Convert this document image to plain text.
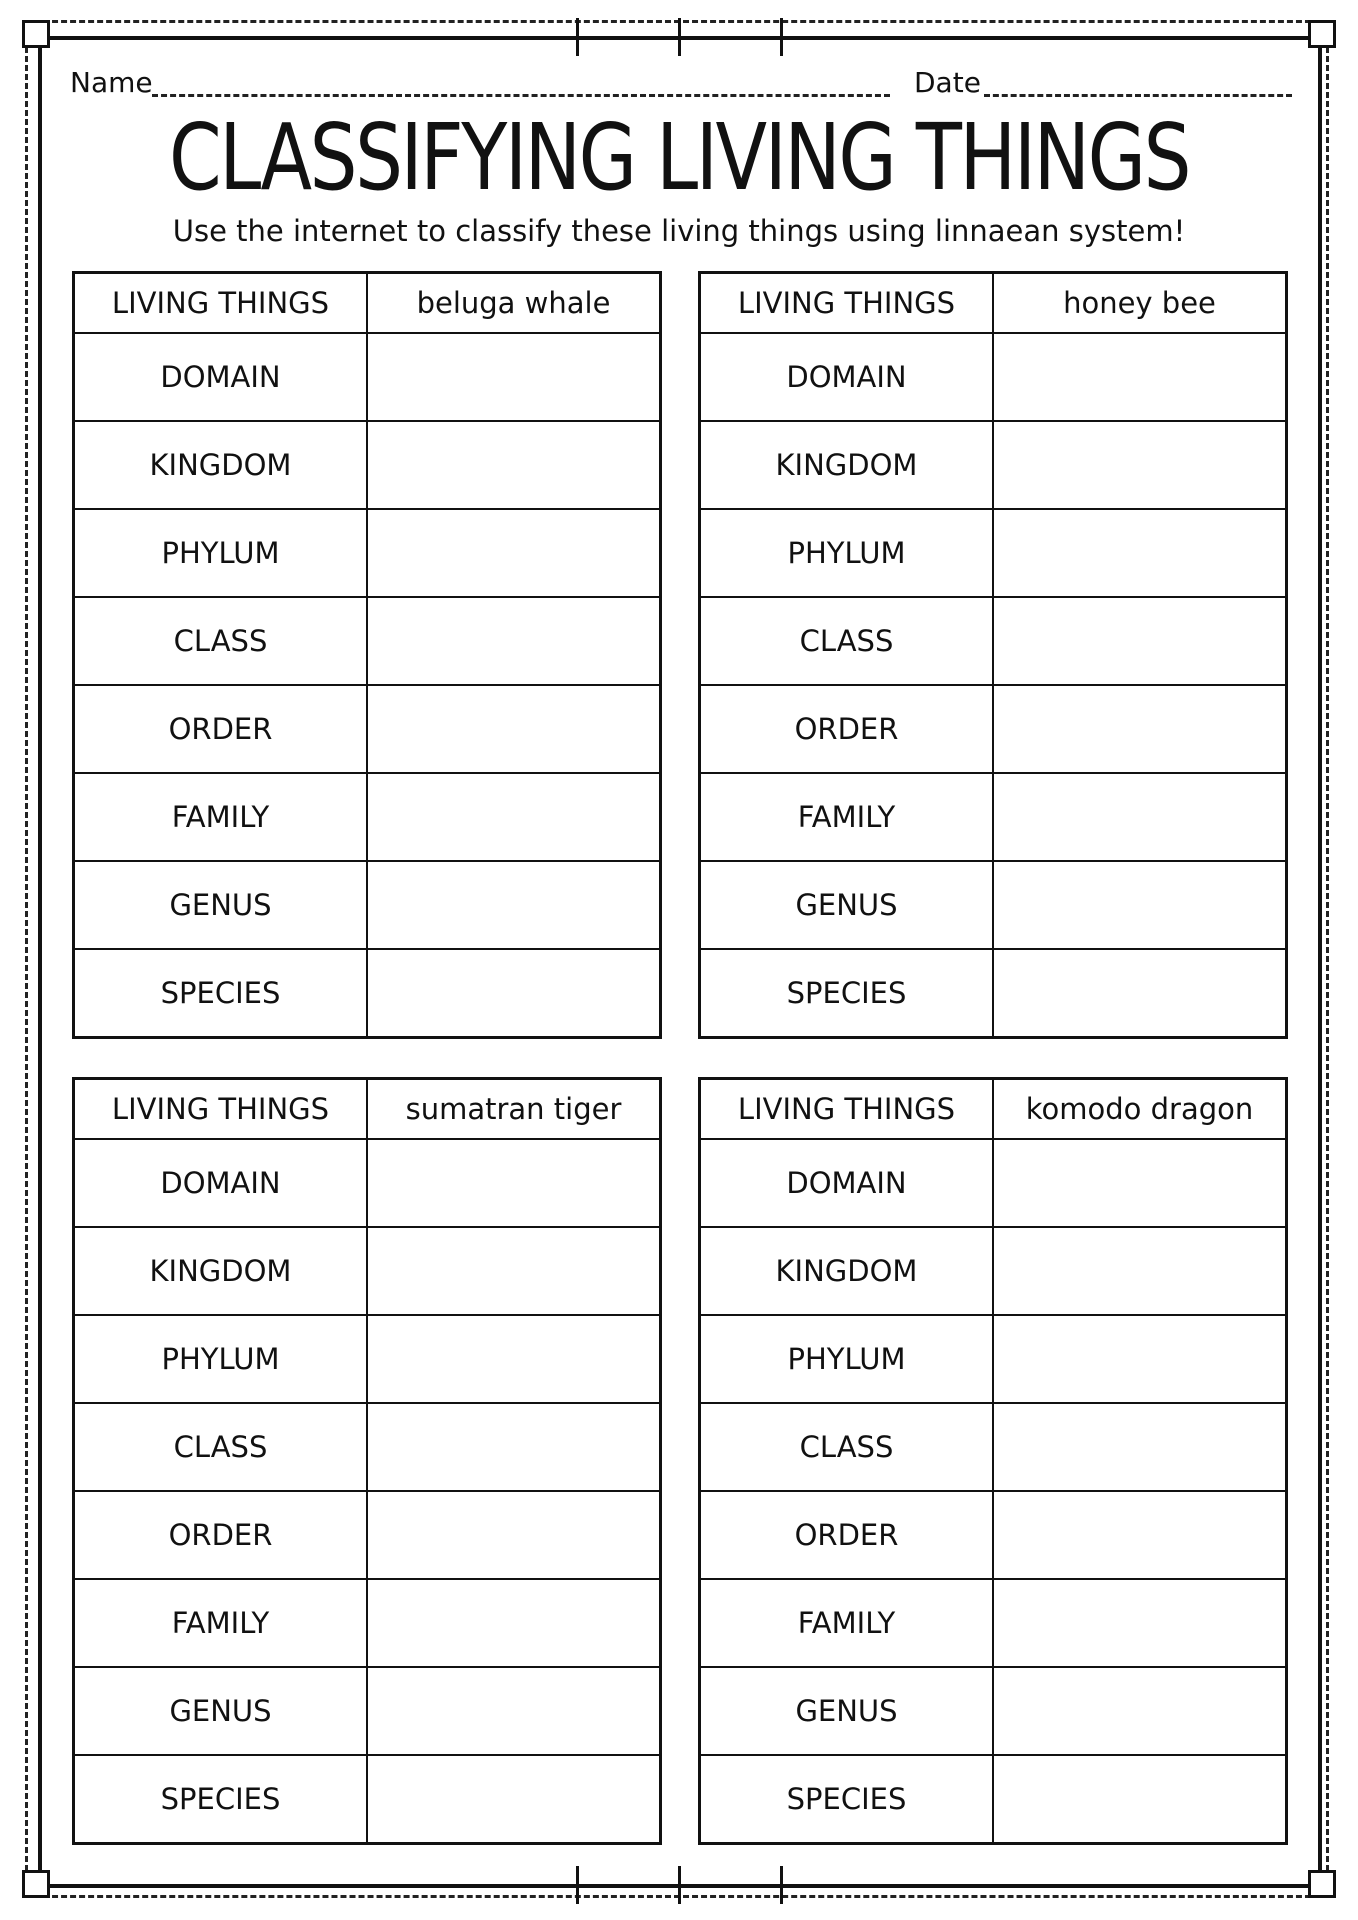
Name	Date
CLASSIFYING LIVING THINGS
Use the internet to classify these living things using linnaean system!
LIVING THINGS	beluga whale
DOMAIN	
KINGDOM	
PHYLUM	
CLASS	
ORDER	
FAMILY	
GENUS	
SPECIES	
LIVING THINGS	honey bee
DOMAIN	
KINGDOM	
PHYLUM	
CLASS	
ORDER	
FAMILY	
GENUS	
SPECIES	
LIVING THINGS	sumatran tiger
DOMAIN	
KINGDOM	
PHYLUM	
CLASS	
ORDER	
FAMILY	
GENUS	
SPECIES	
LIVING THINGS	komodo dragon
DOMAIN	
KINGDOM	
PHYLUM	
CLASS	
ORDER	
FAMILY	
GENUS	
SPECIES	
